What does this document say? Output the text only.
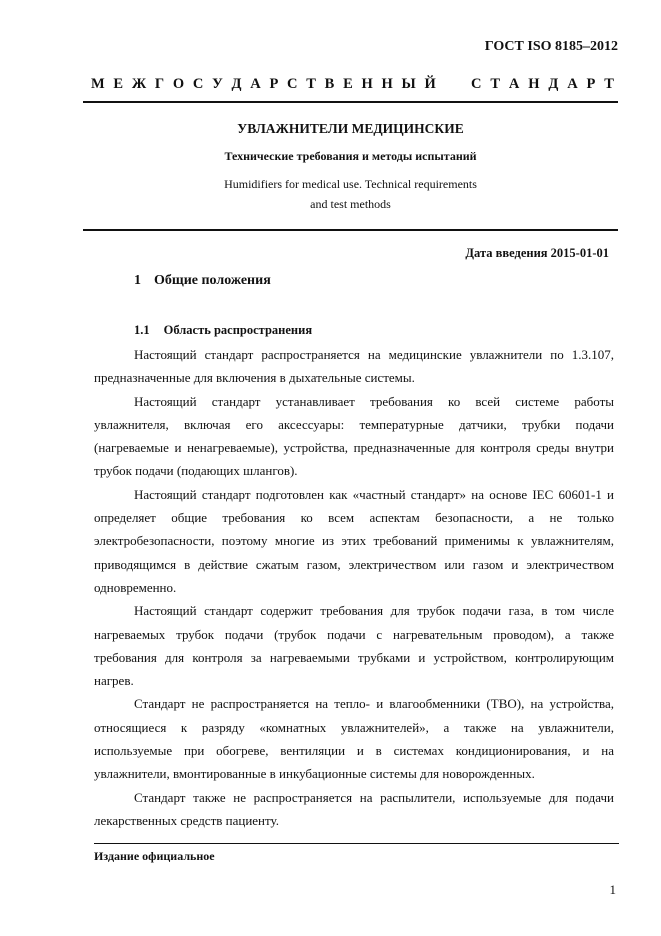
ГОСТ ISO 8185–2012
М Е Ж Г О С У Д А Р С Т В Е Н Н Ы Й С Т А Н Д А Р Т
УВЛАЖНИТЕЛИ МЕДИЦИНСКИЕ
Технические требования и методы испытаний
Humidifiers for medical use. Technical requirements
and test methods
Дата введения 2015-01-01
1 Общие положения
1.1 Область распространения
Настоящий стандарт распространяется на медицинские увлажнители по 1.3.107,
предназначенные для включения в дыхательные системы.
Настоящий стандарт устанавливает требования ко всей системе работы
увлажнителя, включая его аксессуары: температурные датчики, трубки подачи
(нагреваемые и ненагреваемые), устройства, предназначенные для контроля среды внутри
трубок подачи (подающих шлангов).
Настоящий стандарт подготовлен как «частный стандарт» на основе IEC 60601-1 и
определяет общие требования ко всем аспектам безопасности, а не только
электробезопасности, поэтому многие из этих требований применимы к увлажнителям,
приводящимся в действие сжатым газом, электричеством или газом и электричеством
одновременно.
Настоящий стандарт содержит требования для трубок подачи газа, в том числе
нагреваемых трубок подачи (трубок подачи с нагревательным проводом), а также
требования для контроля за нагреваемыми трубками и устройством, контролирующим
нагрев.
Стандарт не распространяется на тепло- и влагообменники (ТВО), на устройства,
относящиеся к разряду «комнатных увлажнителей», а также на увлажнители,
используемые при обогреве, вентиляции и в системах кондиционирования, и на
увлажнители, вмонтированные в инкубационные системы для новорожденных.
Стандарт также не распространяется на распылители, используемые для подачи
лекарственных средств пациенту.
Издание официальное
1
